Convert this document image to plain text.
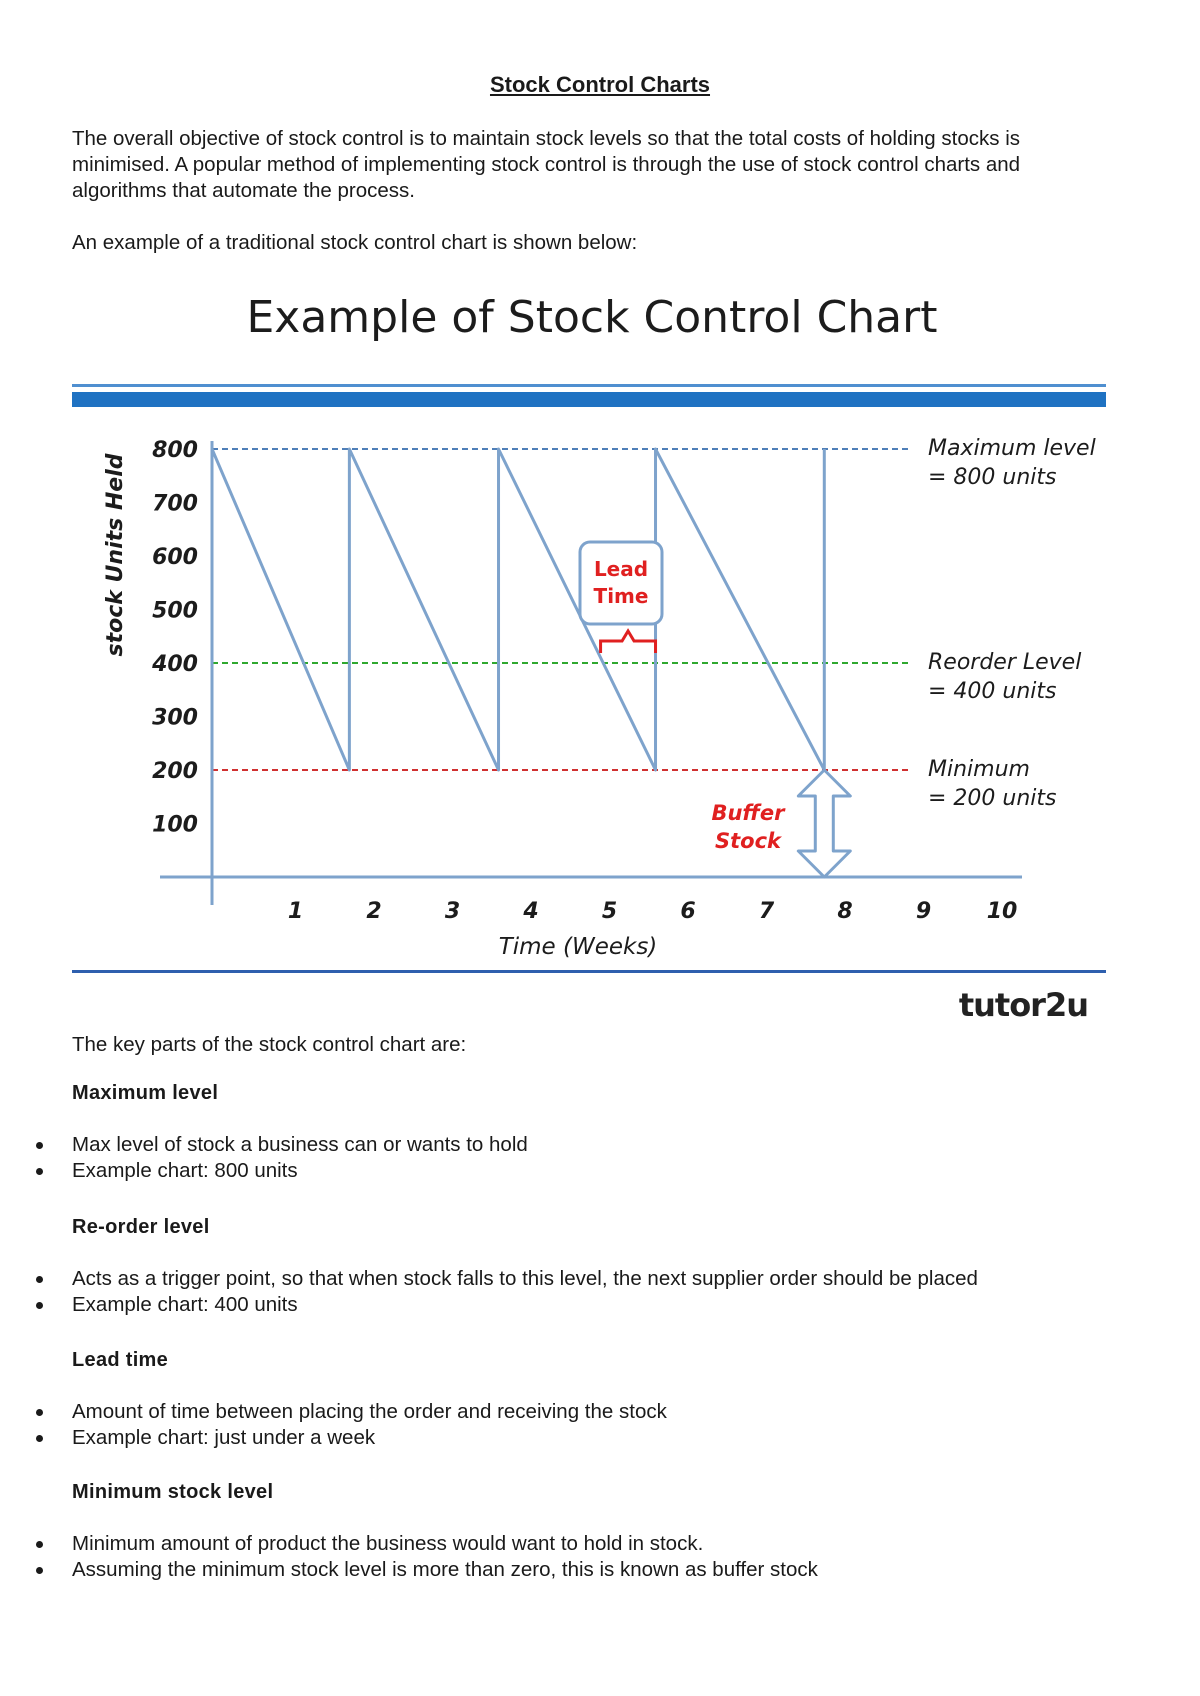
Stock Control Charts

The overall objective of stock control is to maintain stock levels so that the total costs of holding stocks is minimised. A popular method of implementing stock control is through the use of stock control charts and algorithms that automate the process.

An example of a traditional stock control chart is shown below:

Example of Stock Control Chart
stock Units Held
100
200
300
400
500
600
700
800
1	2	3	4	5	6	7	8	9	10
Maximum level
= 800 units
Reorder Level
= 400 units
Minimum
= 200 units
Lead
Time
Buffer
Stock
Time (Weeks)
tutor2u

The key parts of the stock control chart are:

Maximum level
Max level of stock a business can or wants to hold
Example chart: 800 units
Re-order level
Acts as a trigger point, so that when stock falls to this level, the next supplier order should be placed
Example chart: 400 units
Lead time
Amount of time between placing the order and receiving the stock
Example chart: just under a week
Minimum stock level
Minimum amount of product the business would want to hold in stock.
Assuming the minimum stock level is more than zero, this is known as buffer stock
